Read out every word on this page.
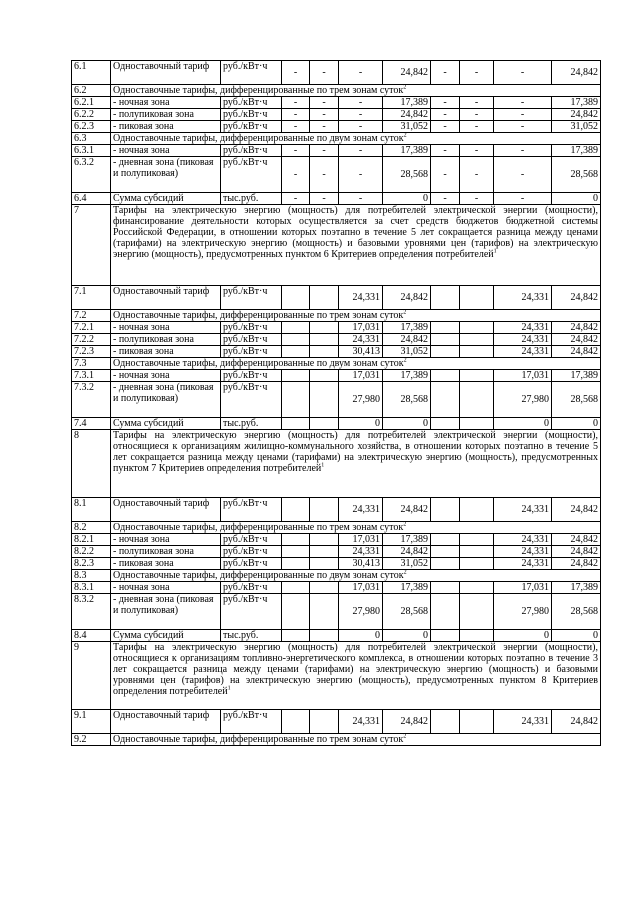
6.1	Одноставочный тариф	руб./кВт·ч	-	-	-	24,842	-	-	-	24,842
6.2	Одноставочные тарифы, дифференцированные по трем зонам суток$^2$
6.2.1	- ночная зона	руб./кВт·ч	-	-	-	17,389	-	-	-	17,389
6.2.2	- полупиковая зона	руб./кВт·ч	-	-	-	24,842	-	-	-	24,842
6.2.3	- пиковая зона	руб./кВт·ч	-	-	-	31,052	-	-	-	31,052
6.3	Одноставочные тарифы, дифференцированные по двум зонам суток$^2$
6.3.1	- ночная зона	руб./кВт·ч	-	-	-	17,389	-	-	-	17,389
6.3.2	- дневная зона (пиковая и полупиковая)	руб./кВт·ч	-	-	-	28,568	-	-	-	28,568
6.4	Сумма субсидий	тыс.руб.	-	-	-	0	-	-	-	0
7	Тарифы на электрическую энергию (мощность) для потребителей электрической энергии (мощности), финансирование деятельности которых осуществляется за счет средств бюджетов бюджетной системы Российской Федерации, в отношении которых поэтапно в течение 5 лет сокращается разница между ценами (тарифами) на электрическую энергию (мощность) и базовыми уровнями цен (тарифов) на электрическую энергию (мощность), предусмотренных пунктом 6 Критериев определения потребителей$^1$
7.1	Одноставочный тариф	руб./кВт·ч			24,331	24,842			24,331	24,842
7.2	Одноставочные тарифы, дифференцированные по трем зонам суток$^2$
7.2.1	- ночная зона	руб./кВт·ч			17,031	17,389			24,331	24,842
7.2.2	- полупиковая зона	руб./кВт·ч			24,331	24,842			24,331	24,842
7.2.3	- пиковая зона	руб./кВт·ч			30,413	31,052			24,331	24,842
7.3	Одноставочные тарифы, дифференцированные по двум зонам суток$^2$
7.3.1	- ночная зона	руб./кВт·ч			17,031	17,389			17,031	17,389
7.3.2	- дневная зона (пиковая и полупиковая)	руб./кВт·ч			27,980	28,568			27,980	28,568
7.4	Сумма субсидий	тыс.руб.			0	0			0	0
8	Тарифы на электрическую энергию (мощность) для потребителей электрической энергии (мощности), относящиеся к организациям жилищно-коммунального хозяйства, в отношении которых поэтапно в течение 5 лет сокращается разница между ценами (тарифами) на электрическую энергию (мощность), предусмотренных пунктом 7 Критериев определения потребителей$^1$
8.1	Одноставочный тариф	руб./кВт·ч			24,331	24,842			24,331	24,842
8.2	Одноставочные тарифы, дифференцированные по трем зонам суток$^2$
8.2.1	- ночная зона	руб./кВт·ч			17,031	17,389			24,331	24,842
8.2.2	- полупиковая зона	руб./кВт·ч			24,331	24,842			24,331	24,842
8.2.3	- пиковая зона	руб./кВт·ч			30,413	31,052			24,331	24,842
8.3	Одноставочные тарифы, дифференцированные по двум зонам суток$^2$
8.3.1	- ночная зона	руб./кВт·ч			17,031	17,389			17,031	17,389
8.3.2	- дневная зона (пиковая и полупиковая)	руб./кВт·ч			27,980	28,568			27,980	28,568
8.4	Сумма субсидий	тыс.руб.			0	0			0	0
9	Тарифы на электрическую энергию (мощность) для потребителей электрической энергии (мощности), относящиеся к организациям топливно-энергетического комплекса, в отношении которых поэтапно в течение 3 лет сокращается разница между ценами (тарифами) на электрическую энергию (мощность) и базовыми уровнями цен (тарифов) на электрическую энергию (мощность), предусмотренных пунктом 8 Критериев определения потребителей$^1$
9.1	Одноставочный тариф	руб./кВт·ч			24,331	24,842			24,331	24,842
9.2	Одноставочные тарифы, дифференцированные по трем зонам суток$^2$
